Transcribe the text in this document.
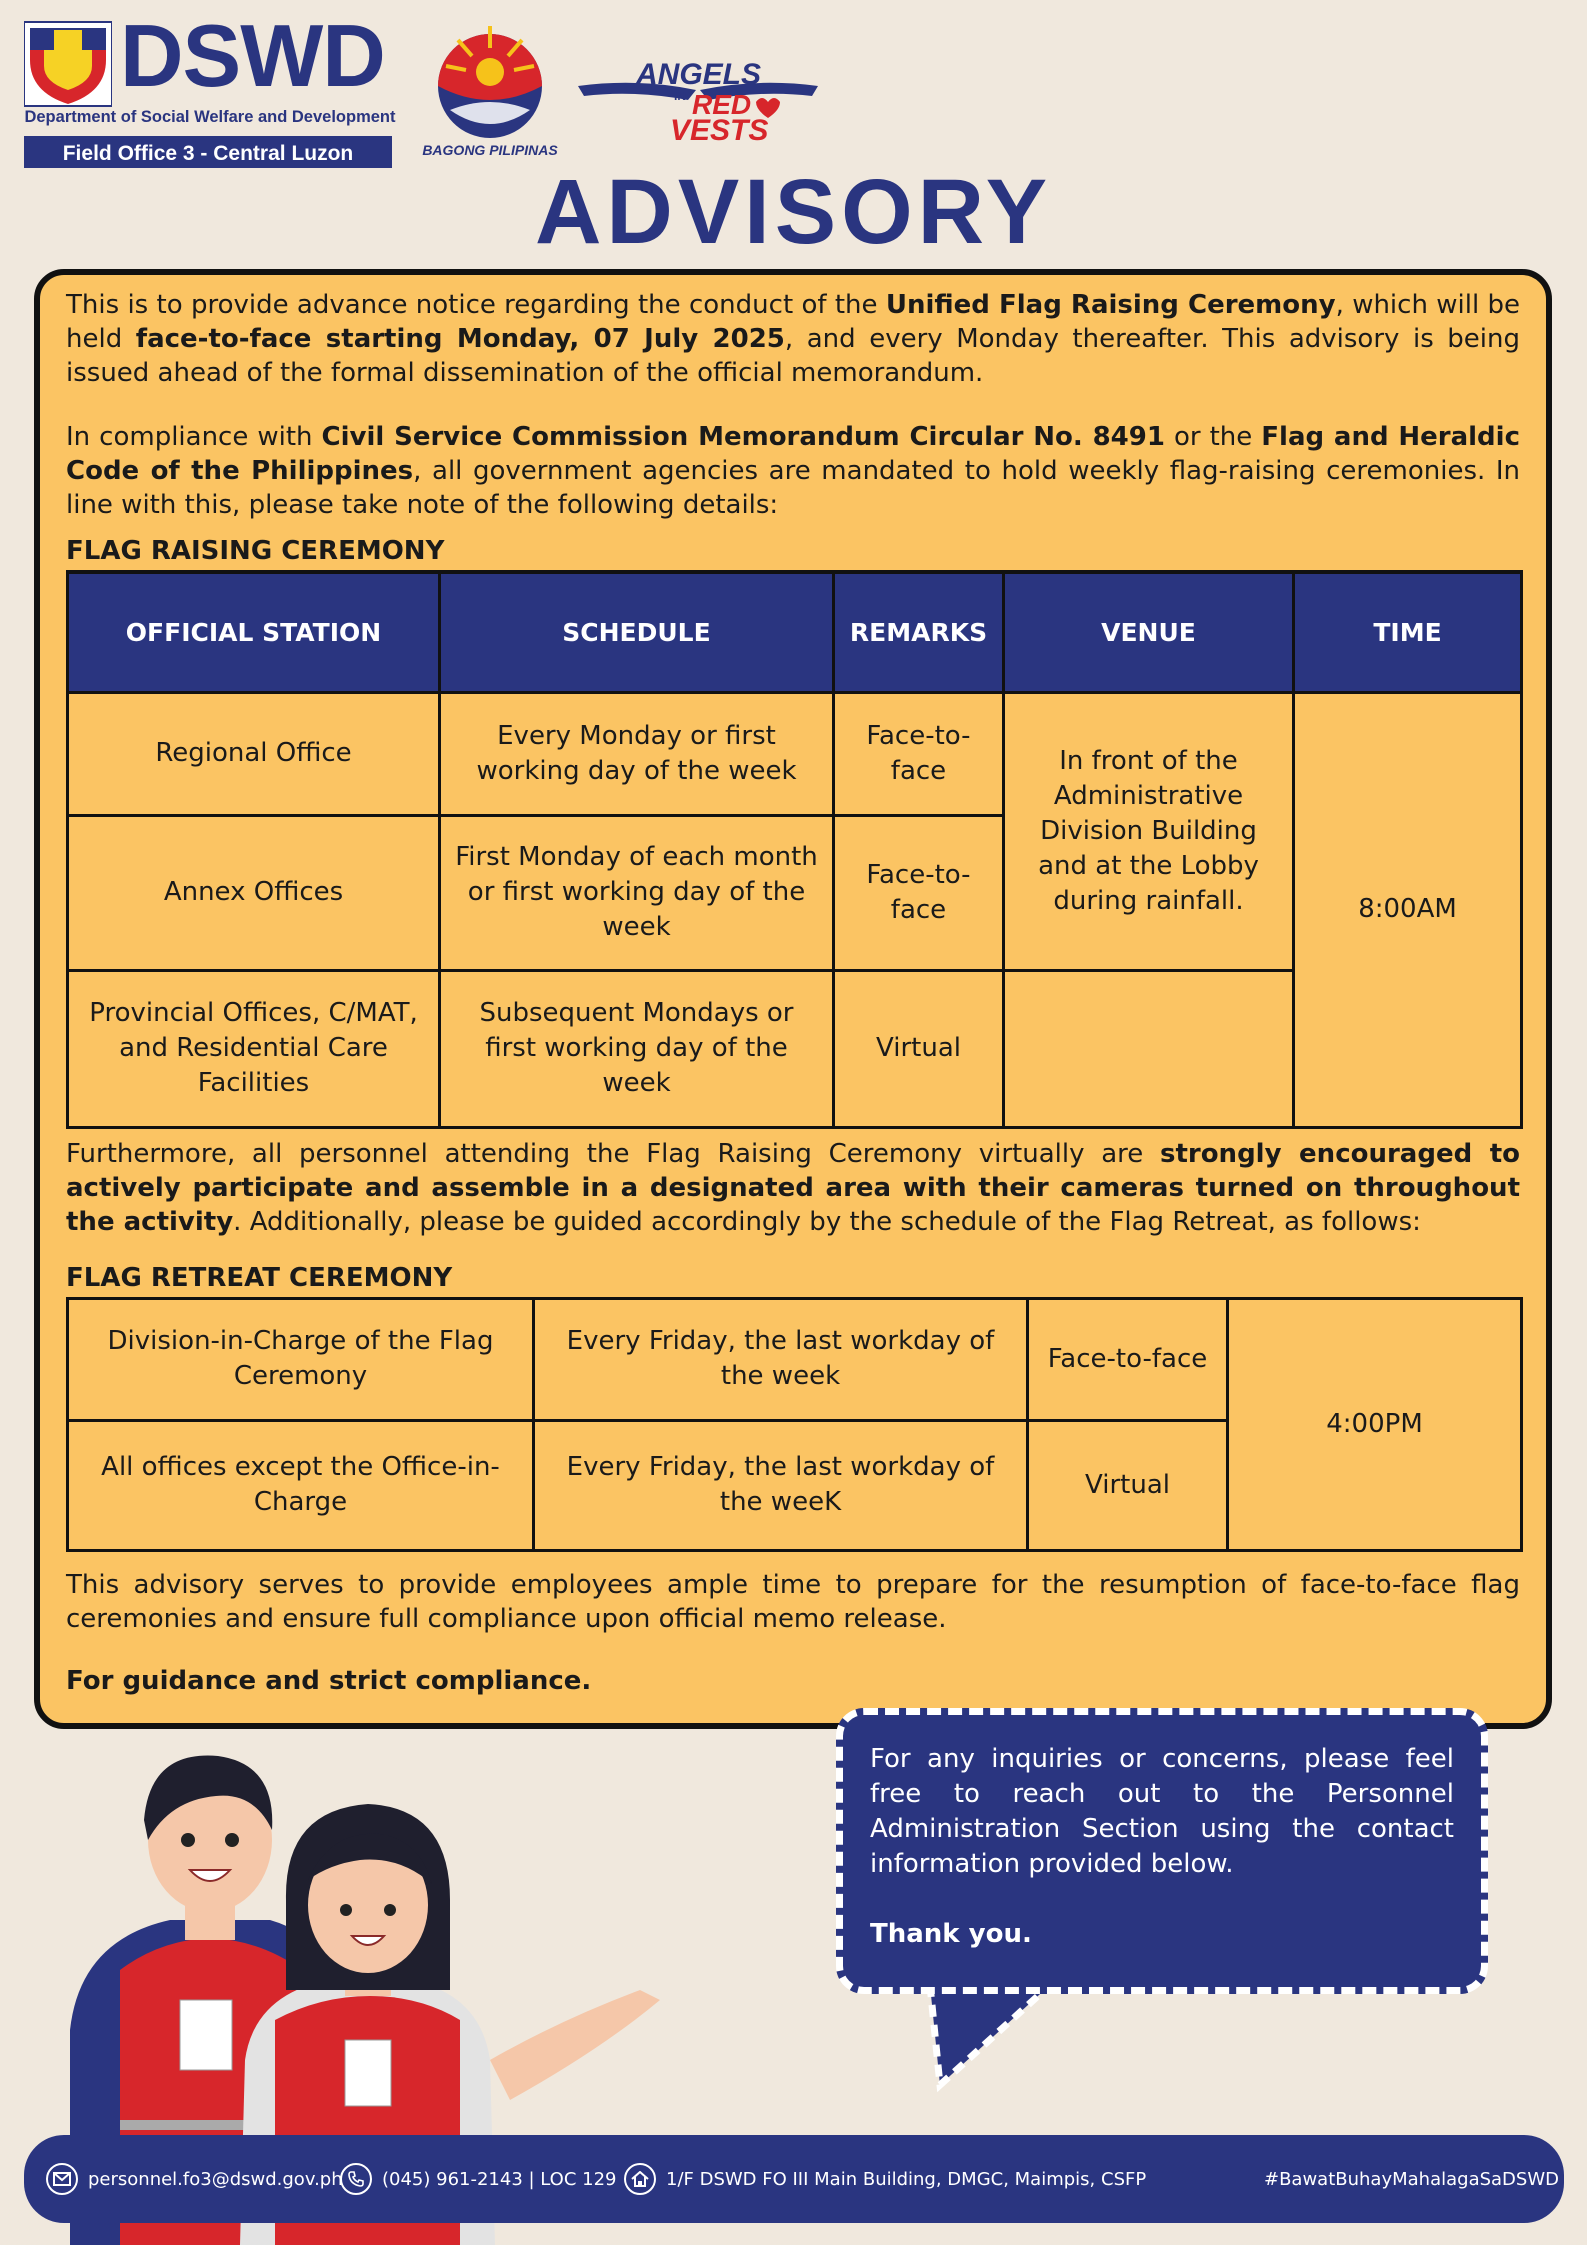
DSWD
Department of Social Welfare and Development
Field Office 3 - Central Luzon	BAGONG PILIPINAS
ANGELS
IN RED
VESTS
ADVISORY

This is to provide advance notice regarding the conduct of the Unified Flag Raising Ceremony, which will be held face-to-face starting Monday, 07 July 2025, and every Monday thereafter. This advisory is being issued ahead of the formal dissemination of the official memorandum.

In compliance with Civil Service Commission Memorandum Circular No. 8491 or the Flag and Heraldic Code of the Philippines, all government agencies are mandated to hold weekly flag-raising ceremonies. In line with this, please take note of the following details:

FLAG RAISING CEREMONY
OFFICIAL STATION	SCHEDULE	REMARKS	VENUE	TIME
Regional Office	Every Monday or first working day of the week	Face-to-face	In front of the Administrative Division Building and at the Lobby during rainfall.	8:00AM
Annex Offices	First Monday of each month or first working day of the week	Face-to-face		
Provincial Offices, C/MAT, and Residential Care Facilities	Subsequent Mondays or first working day of the week	Virtual		

Furthermore, all personnel attending the Flag Raising Ceremony virtually are strongly encouraged to actively participate and assemble in a designated area with their cameras turned on throughout the activity. Additionally, please be guided accordingly by the schedule of the Flag Retreat, as follows:

FLAG RETREAT CEREMONY
Division-in-Charge of the Flag Ceremony	Every Friday, the last workday of the week	Face-to-face	4:00PM
All offices except the Office-in-Charge	Every Friday, the last workday of the weeK	Virtual	

This advisory serves to provide employees ample time to prepare for the resumption of face-to-face flag ceremonies and ensure full compliance upon official memo release.

For guidance and strict compliance.

For any inquiries or concerns, please feel free to reach out to the Personnel Administration Section using the contact information provided below.

Thank you.

personnel.fo3@dswd.gov.ph (045) 961-2143 | LOC 129	1/F DSWD FO III Main Building, DMGC, Maimpis, CSFP	#BawatBuhayMahalagaSaDSWD
